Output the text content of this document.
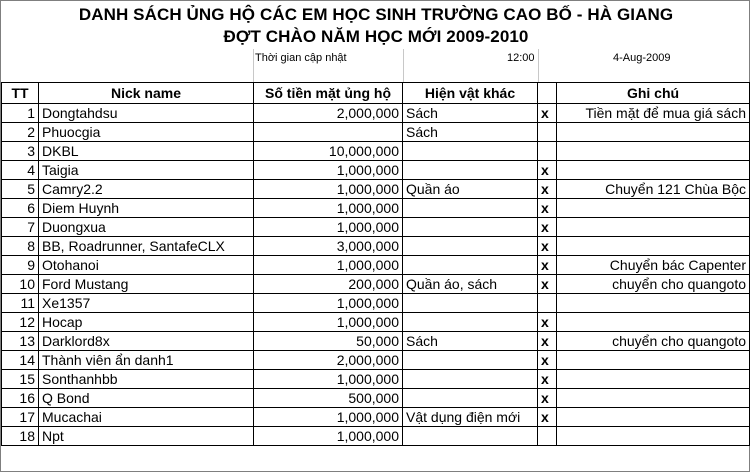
DANH SÁCH ỦNG HỘ CÁC EM HỌC SINH TRƯỜNG CAO BỐ - HÀ GIANG
ĐỢT CHÀO NĂM HỌC MỚI 2009-2010
Thời gian cập nhật	12:00	4-Aug-2009
TT	Nick name	Số tiền mặt ủng hộ	Hiện vật khác		Ghi chú
1	Dongtahdsu	2,000,000	Sách	x	Tiền mặt để mua giá sách
2	Phuocgia		Sách		
3	DKBL	10,000,000			
4	Taigia	1,000,000		x	
5	Camry2.2	1,000,000	Quần áo	x	Chuyển 121 Chùa Bộc
6	Diem Huynh	1,000,000		x	
7	Duongxua	1,000,000		x	
8	BB, Roadrunner, SantafeCLX	3,000,000		x	
9	Otohanoi	1,000,000		x	Chuyển bác Capenter
10	Ford Mustang	200,000	Quần áo, sách	x	chuyển cho quangoto
11	Xe1357	1,000,000			
12	Hocap	1,000,000		x	
13	Darklord8x	50,000	Sách	x	chuyển cho quangoto
14	Thành viên ẩn danh1	2,000,000		x	
15	Sonthanhbb	1,000,000		x	
16	Q Bond	500,000		x	
17	Mucachai	1,000,000	Vật dụng điện mới	x	
18	Npt	1,000,000			
